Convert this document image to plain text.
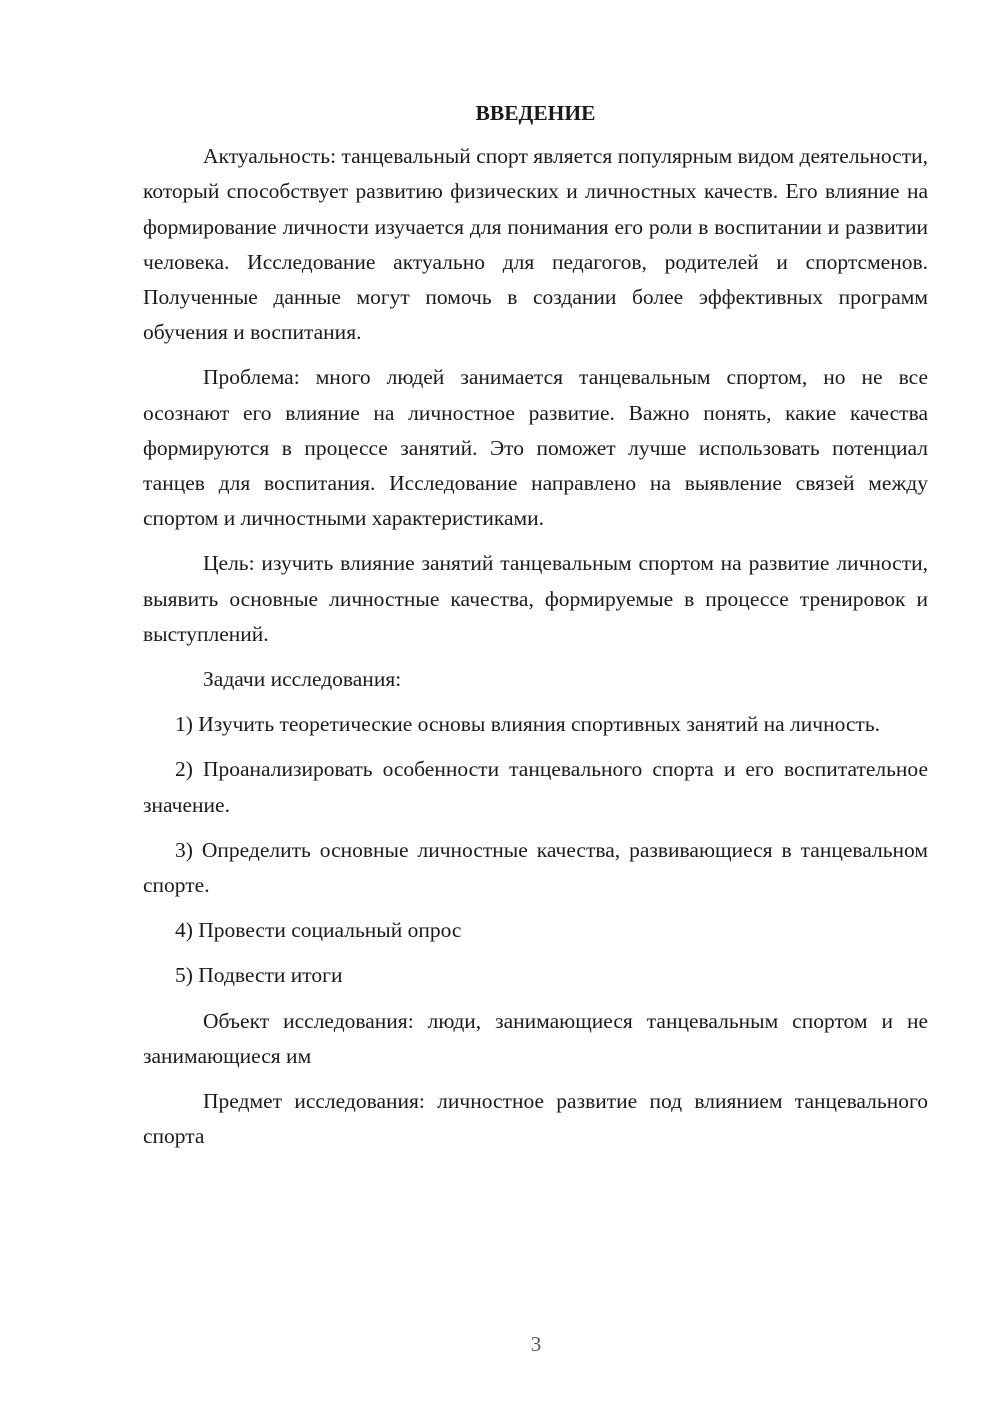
ВВЕДЕНИЕ

Актуальность: танцевальный спорт является популярным видом деятельности, который способствует развитию физических и личностных качеств. Его влияние на формирование личности изучается для понимания его роли в воспитании и развитии человека. Исследование актуально для педагогов, родителей и спортсменов. Полученные данные могут помочь в создании более эффективных программ обучения и воспитания.

Проблема: много людей занимается танцевальным спортом, но не все осознают его влияние на личностное развитие. Важно понять, какие качества формируются в процессе занятий. Это поможет лучше использовать потенциал танцев для воспитания. Исследование направлено на выявление связей между спортом и личностными характеристиками.

Цель: изучить влияние занятий танцевальным спортом на развитие личности, выявить основные личностные качества, формируемые в процессе тренировок и выступлений.

Задачи исследования:

1) Изучить теоретические основы влияния спортивных занятий на личность.

2) Проанализировать особенности танцевального спорта и его воспитательное значение.

3) Определить основные личностные качества, развивающиеся в танцевальном спорте.

4) Провести социальный опрос

5) Подвести итоги

Объект исследования: люди, занимающиеся танцевальным спортом и не занимающиеся им

Предмет исследования: личностное развитие под влиянием танцевального спорта

3
